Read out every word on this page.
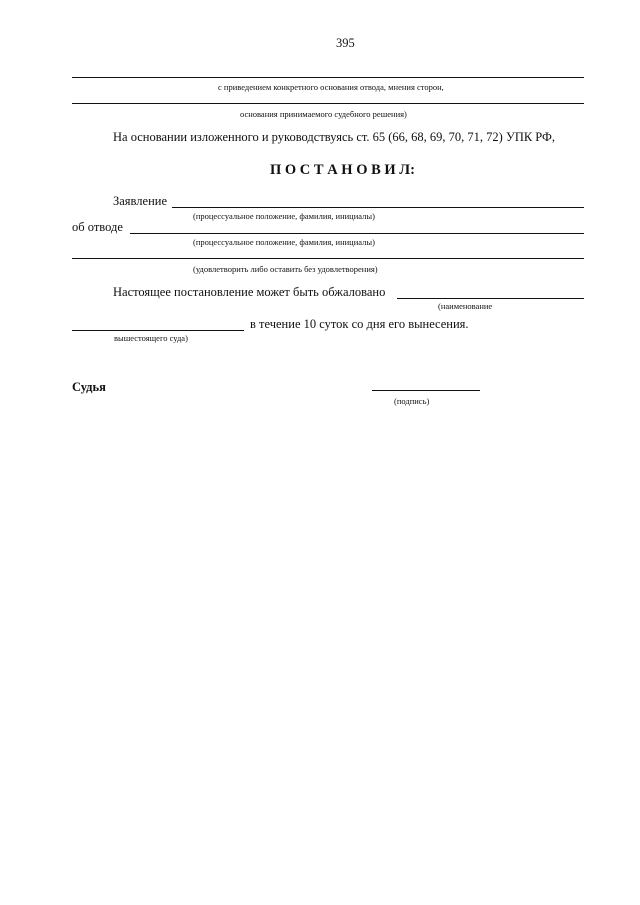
395
с приведением конкретного основания отвода, мнения сторон,
основания принимаемого судебного решения)
На основании изложенного и руководствуясь ст. 65 (66, 68, 69, 70, 71, 72) УПК РФ,
П О С Т А Н О В И Л:
Заявление
(процессуальное положение, фамилия, инициалы)
об отводе
(процессуальное положение, фамилия, инициалы)
(удовлетворить либо оставить без удовлетворения)
Настоящее постановление может быть обжаловано
(наименование
в течение 10 суток со дня его вынесения.
вышестоящего суда)
Судья
(подпись)
